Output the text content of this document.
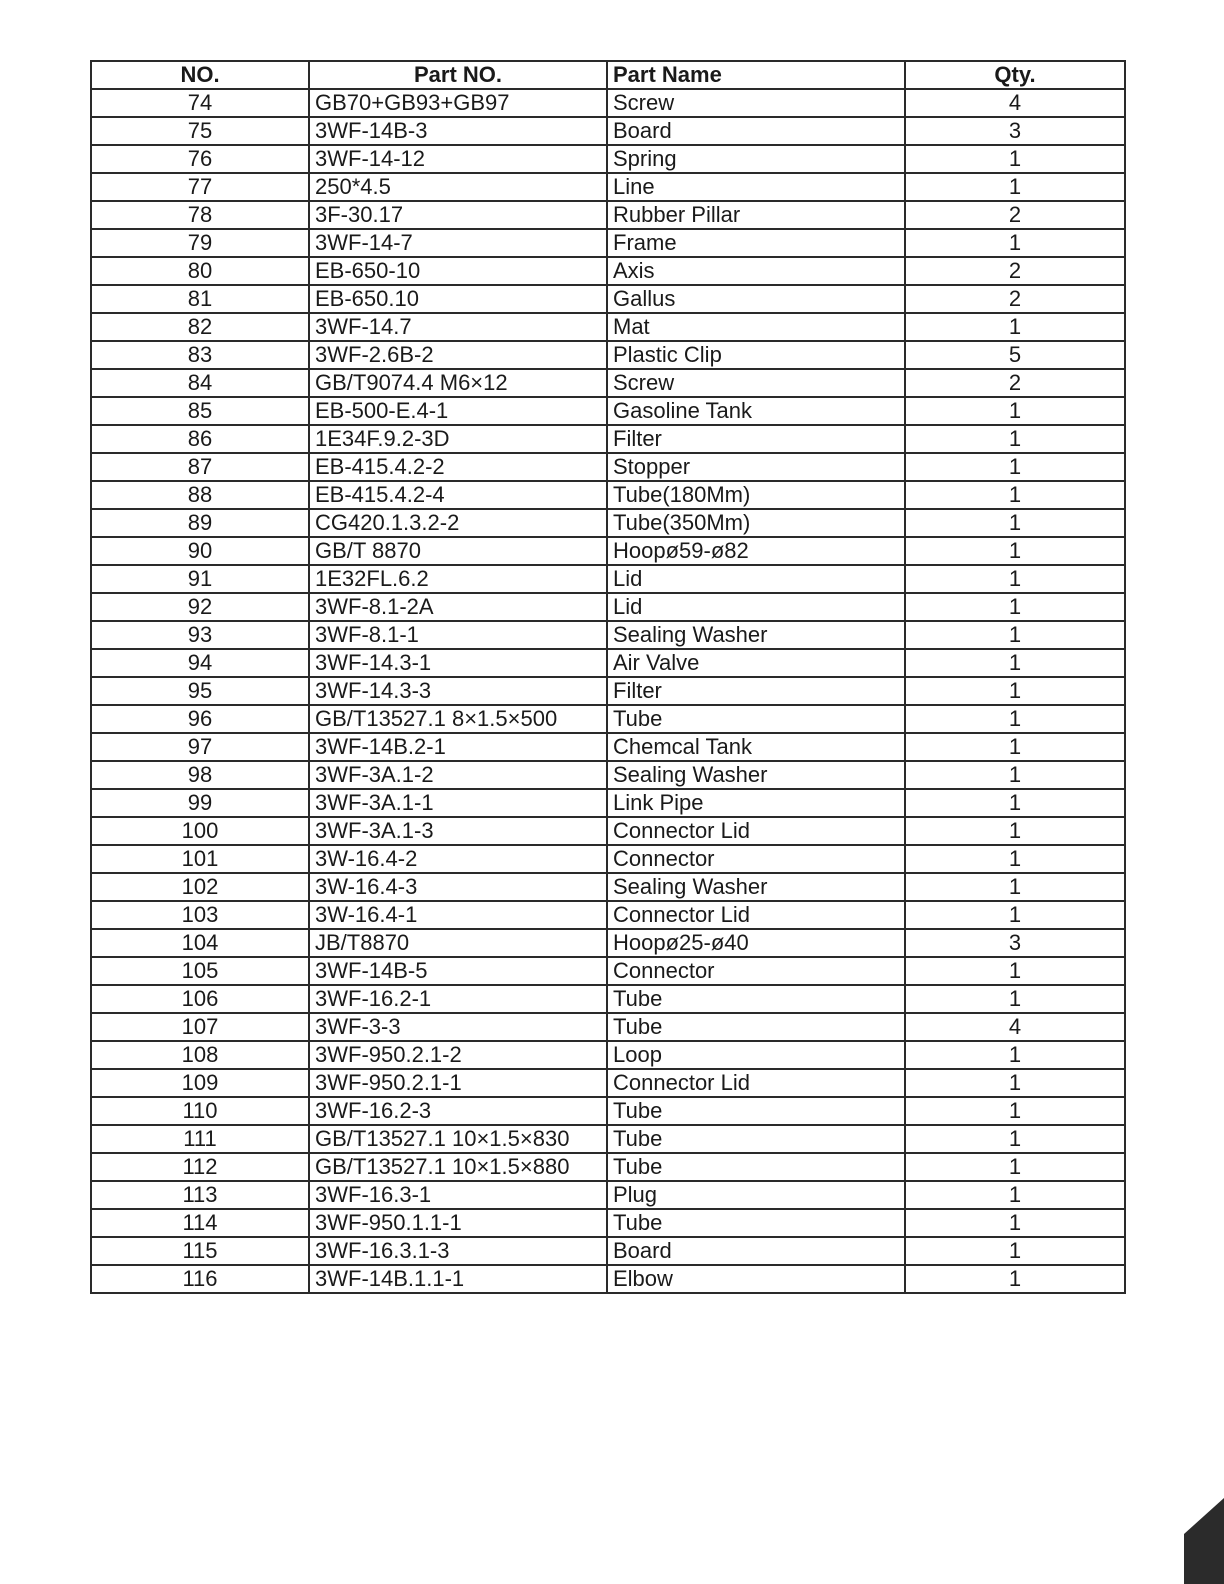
NO.	Part NO.	Part Name	Qty.
74	GB70+GB93+GB97	Screw	4
75	3WF-14B-3	Board	3
76	3WF-14-12	Spring	1
77	250*4.5	Line	1
78	3F-30.17	Rubber Pillar	2
79	3WF-14-7	Frame	1
80	EB-650-10	Axis	2
81	EB-650.10	Gallus	2
82	3WF-14.7	Mat	1
83	3WF-2.6B-2	Plastic Clip	5
84	GB/T9074.4 M6×12	Screw	2
85	EB-500-E.4-1	Gasoline Tank	1
86	1E34F.9.2-3D	Filter	1
87	EB-415.4.2-2	Stopper	1
88	EB-415.4.2-4	Tube(180Mm)	1
89	CG420.1.3.2-2	Tube(350Mm)	1
90	GB/T 8870	Hoopø59-ø82	1
91	1E32FL.6.2	Lid	1
92	3WF-8.1-2A	Lid	1
93	3WF-8.1-1	Sealing Washer	1
94	3WF-14.3-1	Air Valve	1
95	3WF-14.3-3	Filter	1
96	GB/T13527.1 8×1.5×500	Tube	1
97	3WF-14B.2-1	Chemcal Tank	1
98	3WF-3A.1-2	Sealing Washer	1
99	3WF-3A.1-1	Link Pipe	1
100	3WF-3A.1-3	Connector Lid	1
101	3W-16.4-2	Connector	1
102	3W-16.4-3	Sealing Washer	1
103	3W-16.4-1	Connector Lid	1
104	JB/T8870	Hoopø25-ø40	3
105	3WF-14B-5	Connector	1
106	3WF-16.2-1	Tube	1
107	3WF-3-3	Tube	4
108	3WF-950.2.1-2	Loop	1
109	3WF-950.2.1-1	Connector Lid	1
110	3WF-16.2-3	Tube	1
111	GB/T13527.1 10×1.5×830	Tube	1
112	GB/T13527.1 10×1.5×880	Tube	1
113	3WF-16.3-1	Plug	1
114	3WF-950.1.1-1	Tube	1
115	3WF-16.3.1-3	Board	1
116	3WF-14B.1.1-1	Elbow	1
